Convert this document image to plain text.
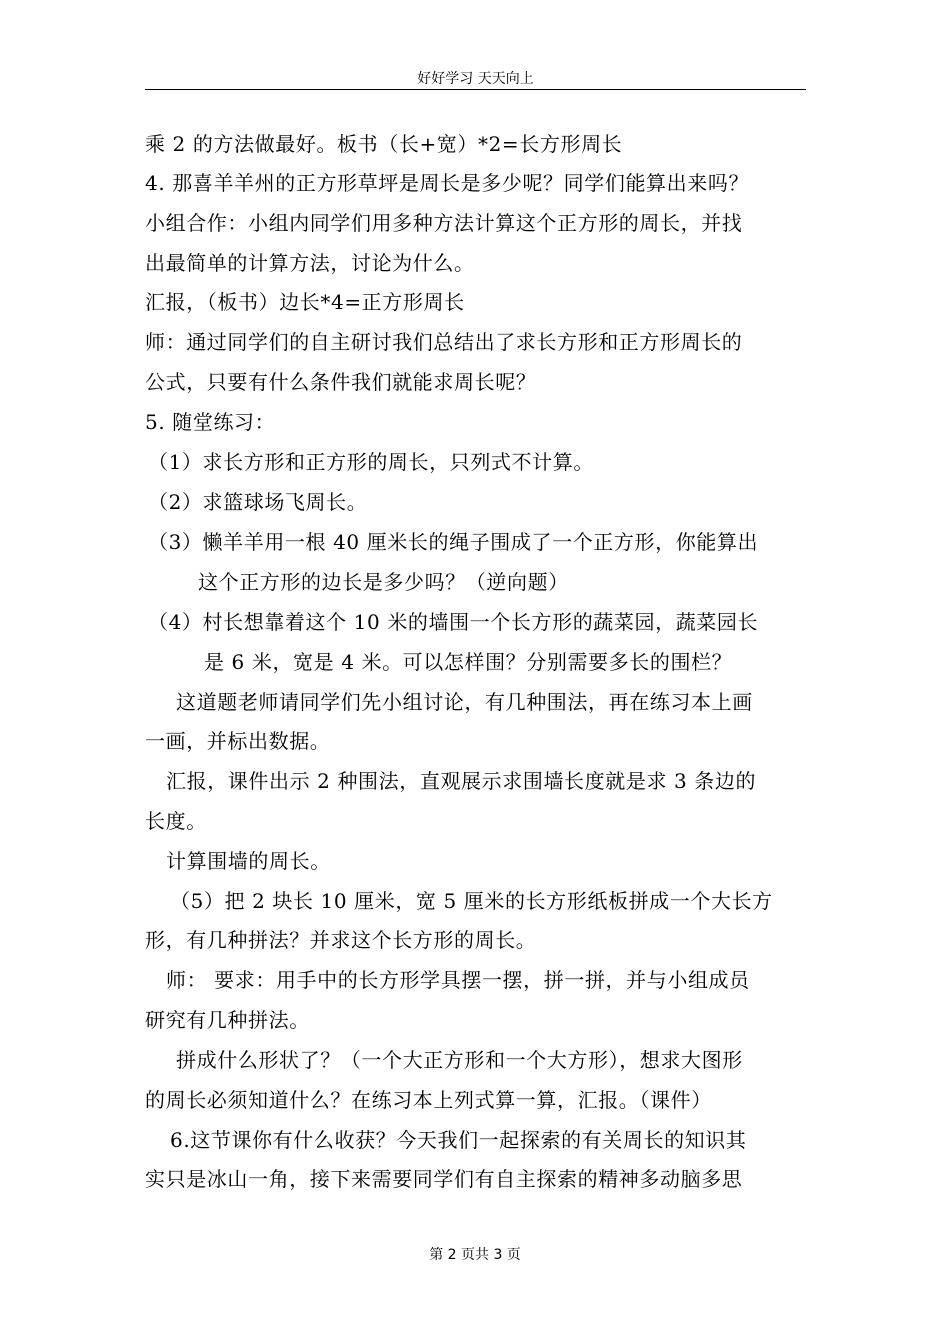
好好学习 天天向上
乘 2 的方法做最好。板书（长+宽）*2=长方形周长
4. 那喜羊羊州的正方形草坪是周长是多少呢？同学们能算出来吗？
小组合作：小组内同学们用多种方法计算这个正方形的周长，并找
出最简单的计算方法，讨论为什么。
汇报，（板书）边长*4=正方形周长
师：通过同学们的自主研讨我们总结出了求长方形和正方形周长的
公式，只要有什么条件我们就能求周长呢？
5. 随堂练习：
（1）求长方形和正方形的周长，只列式不计算。
（2）求篮球场飞周长。
（3）懒羊羊用一根 40 厘米长的绳子围成了一个正方形，你能算出
这个正方形的边长是多少吗？（逆向题）
（4）村长想靠着这个 10 米的墙围一个长方形的蔬菜园，蔬菜园长
是 6 米，宽是 4 米。可以怎样围？分别需要多长的围栏？
这道题老师请同学们先小组讨论，有几种围法，再在练习本上画
一画，并标出数据。
汇报，课件出示 2 种围法，直观展示求围墙长度就是求 3 条边的
长度。
计算围墙的周长。
（5）把 2 块长 10 厘米，宽 5 厘米的长方形纸板拼成一个大长方
形，有几种拼法？并求这个长方形的周长。
师： 要求：用手中的长方形学具摆一摆，拼一拼，并与小组成员
研究有几种拼法。
拼成什么形状了？（一个大正方形和一个大方形），想求大图形
的周长必须知道什么？在练习本上列式算一算，汇报。（课件）
6.这节课你有什么收获？今天我们一起探索的有关周长的知识其
实只是冰山一角，接下来需要同学们有自主探索的精神多动脑多思
第 2 页共 3 页
